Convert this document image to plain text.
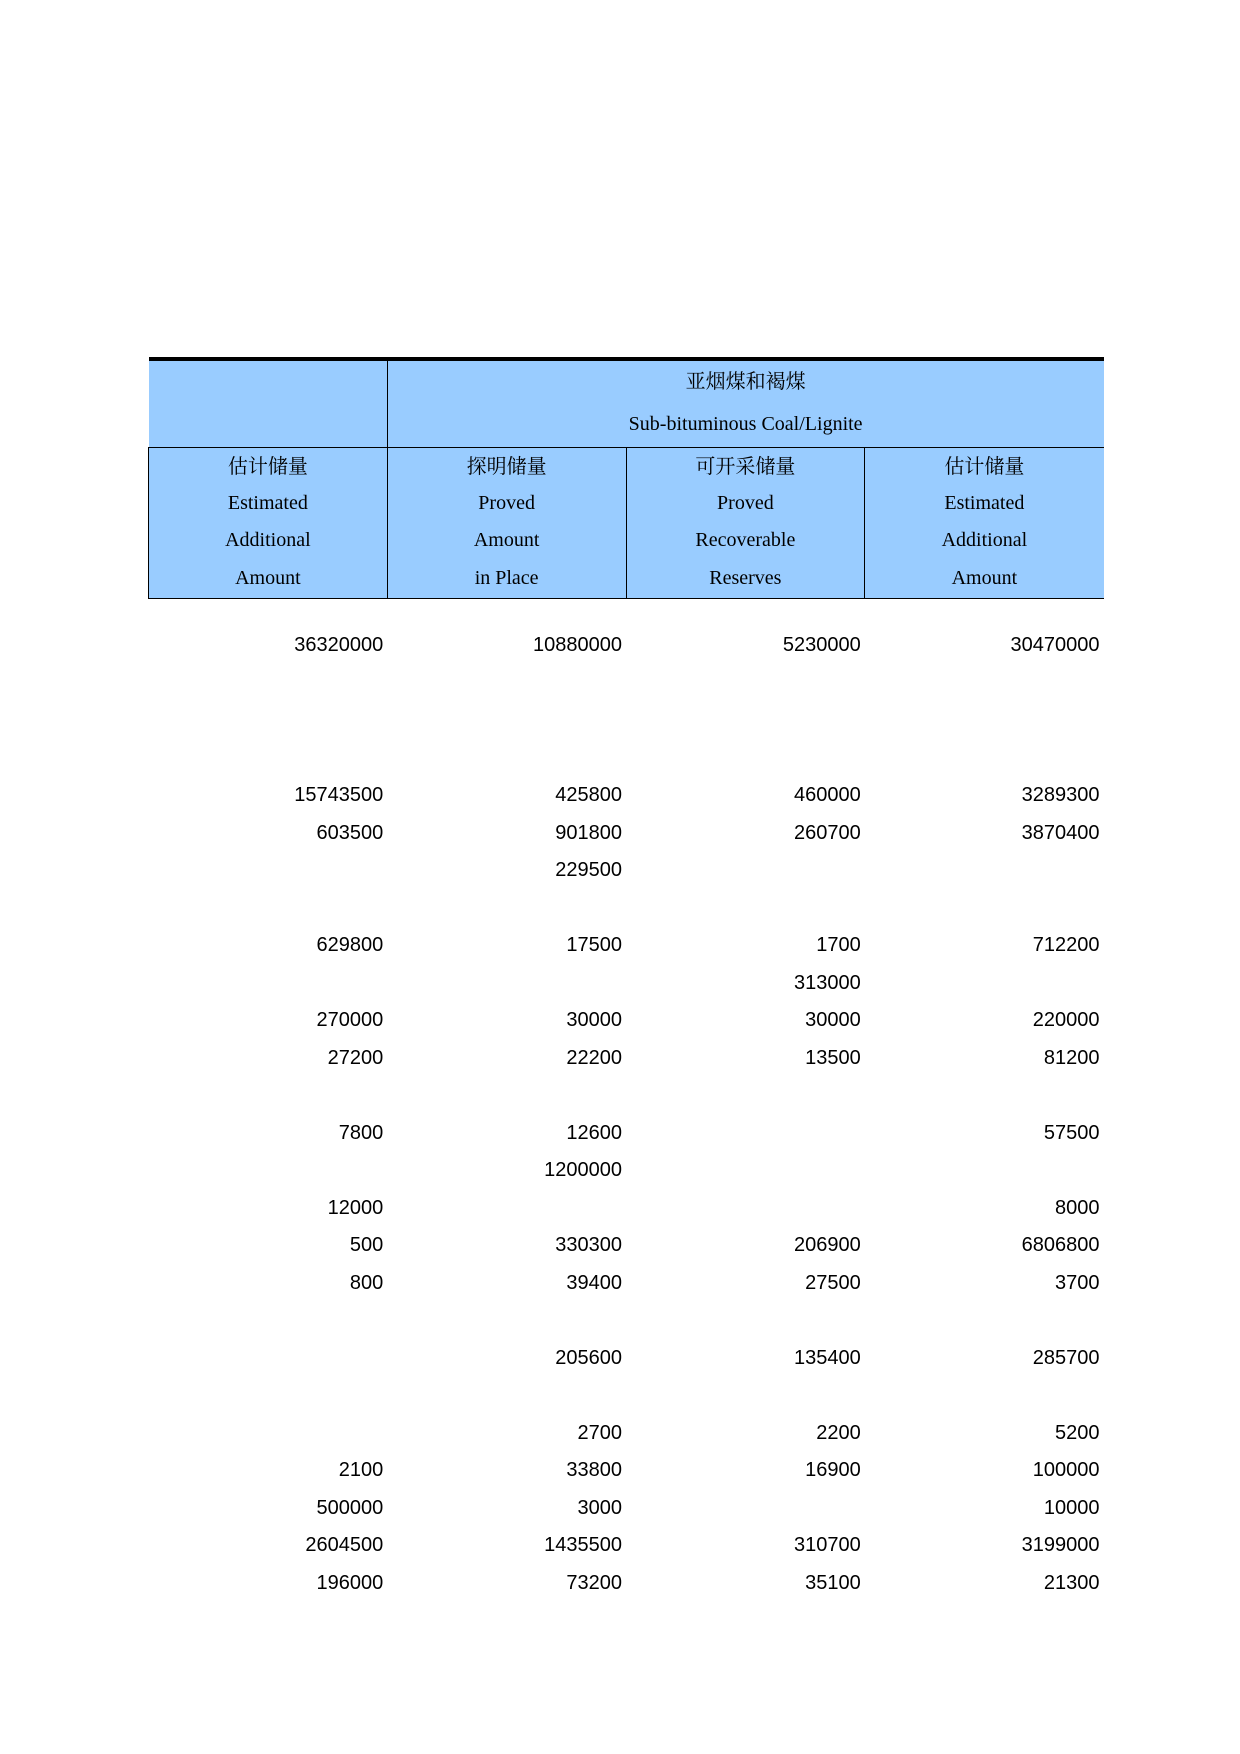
	亚烟煤和褐煤
Sub-bituminous Coal/Lignite		

估计储量
Estimated
Additional
Amount	探明储量
Proved
Amount
in Place	可开采储量
Proved
Recoverable
Reserves	估计储量
Estimated
Additional
Amount

36320000	10880000	5230000	30470000

15743500	425800	460000	3289300
603500	901800	260700	3870400
	229500		

629800	17500	1700	712200
		313000	
270000	30000	30000	220000
27200	22200	13500	81200

7800	12600		57500
	1200000		
12000			8000
500	330300	206900	6806800
800	39400	27500	3700

	205600	135400	285700

	2700	2200	5200
2100	33800	16900	100000
500000	3000		10000
2604500	1435500	310700	3199000
196000	73200	35100	21300
